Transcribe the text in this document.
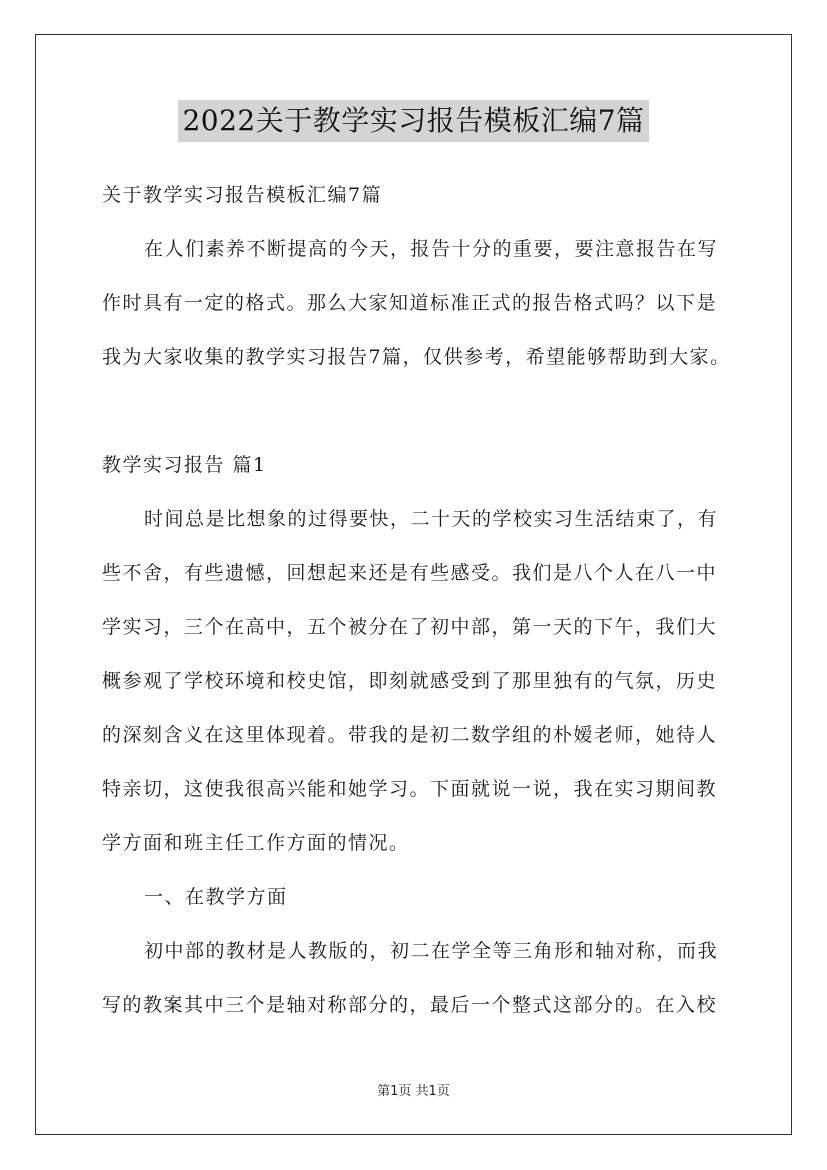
2022关于教学实习报告模板汇编7篇
关于教学实习报告模板汇编7篇
在人们素养不断提高的今天，报告十分的重要，要注意报告在写
作时具有一定的格式。那么大家知道标准正式的报告格式吗？以下是
我为大家收集的教学实习报告7篇，仅供参考，希望能够帮助到大家。
教学实习报告 篇1
时间总是比想象的过得要快，二十天的学校实习生活结束了，有
些不舍，有些遗憾，回想起来还是有些感受。我们是八个人在八一中
学实习，三个在高中，五个被分在了初中部，第一天的下午，我们大
概参观了学校环境和校史馆，即刻就感受到了那里独有的气氛，历史
的深刻含义在这里体现着。带我的是初二数学组的朴嫒老师，她待人
特亲切，这使我很高兴能和她学习。下面就说一说，我在实习期间教
学方面和班主任工作方面的情况。
一、在教学方面
初中部的教材是人教版的，初二在学全等三角形和轴对称，而我
写的教案其中三个是轴对称部分的，最后一个整式这部分的。在入校
第1页 共1页
